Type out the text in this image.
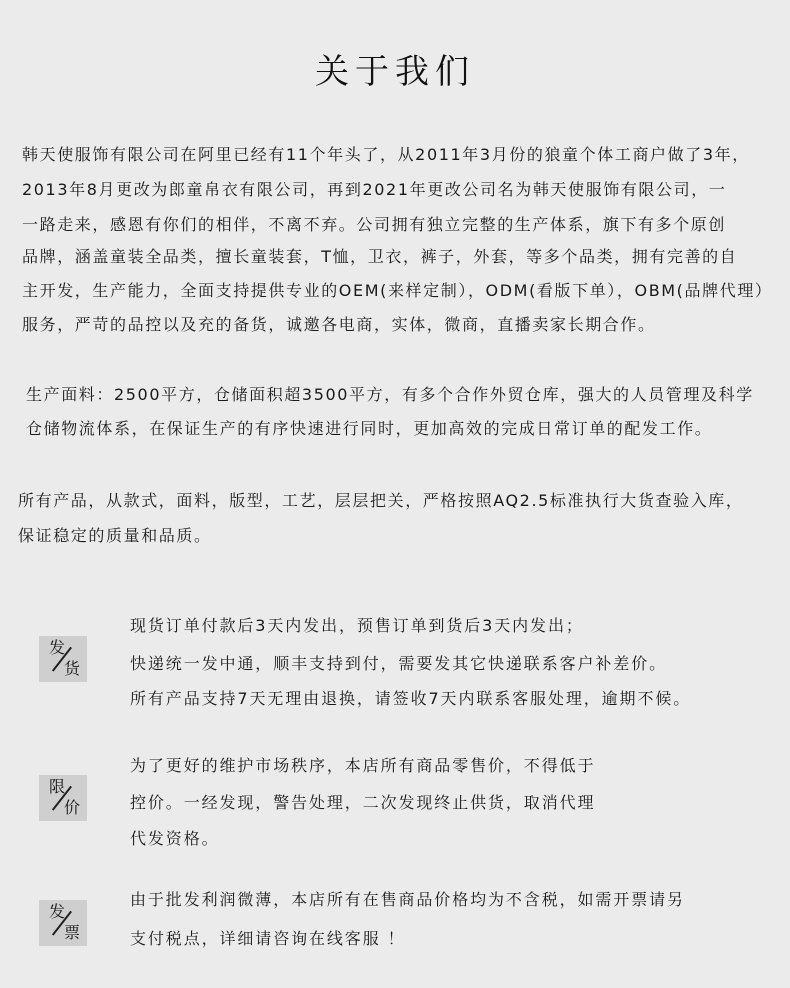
关于我们
韩天使服饰有限公司在阿里已经有11个年头了，从2011年3月份的狼童个体工商户做了3年，
2013年8月更改为郎童帛衣有限公司，再到2021年更改公司名为韩天使服饰有限公司，一
一路走来，感恩有你们的相伴，不离不弃。公司拥有独立完整的生产体系，旗下有多个原创
品牌，涵盖童装全品类，擅长童装套，T恤，卫衣，裤子，外套，等多个品类，拥有完善的自
主开发，生产能力，全面支持提供专业的OEM(来样定制），ODM(看版下单），OBM(品牌代理）
服务，严苛的品控以及充的备货，诚邀各电商，实体，微商，直播卖家长期合作。
生产面料：2500平方，仓储面积超3500平方，有多个合作外贸仓库，强大的人员管理及科学
仓储物流体系，在保证生产的有序快速进行同时，更加高效的完成日常订单的配发工作。
所有产品，从款式，面料，版型，工艺，层层把关，严格按照AQ2.5标准执行大货查验入库，
保证稳定的质量和品质。
发
货
现货订单付款后3天内发出，预售订单到货后3天内发出；
快递统一发中通，顺丰支持到付，需要发其它快递联系客户补差价。
所有产品支持7天无理由退换，请签收7天内联系客服处理，逾期不候。
限
价
为了更好的维护市场秩序，本店所有商品零售价，不得低于
控价。一经发现，警告处理，二次发现终止供货，取消代理
代发资格。
发
票
由于批发利润微薄，本店所有在售商品价格均为不含税，如需开票请另
支付税点，详细请咨询在线客服 ！
